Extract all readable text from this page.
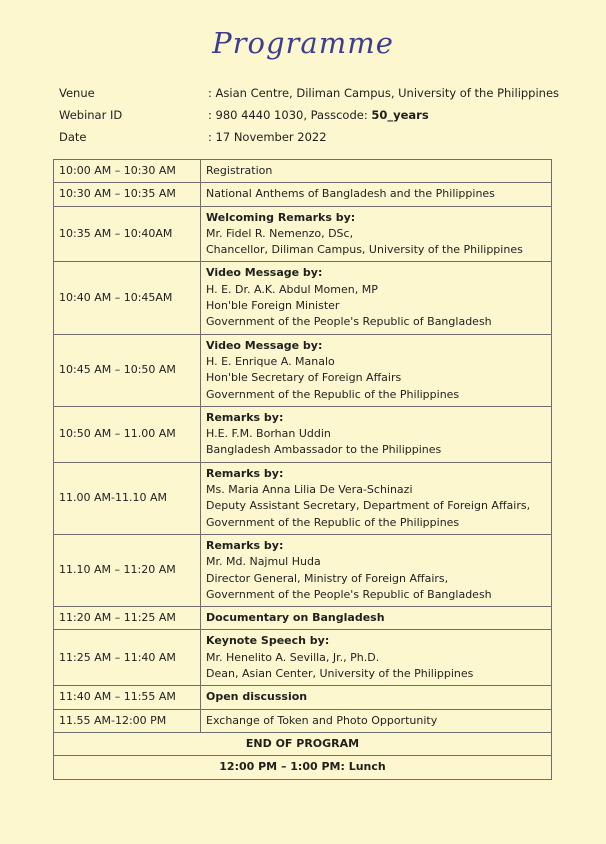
Programme
Venue	: Asian Centre, Diliman Campus, University of the Philippines
Webinar ID	: 980 4440 1030, Passcode: 50_years
Date	: 17 November 2022
10:00 AM – 10:30 AM	Registration

10:30 AM – 10:35 AM	National Anthems of Bangladesh and the Philippines

10:35 AM – 10:40AM	Welcoming Remarks by:
Mr. Fidel R. Nemenzo, DSc,
Chancellor, Diliman Campus, University of the Philippines

10:40 AM – 10:45AM	Video Message by:
H. E. Dr. A.K. Abdul Momen, MP
Hon'ble Foreign Minister
Government of the People's Republic of Bangladesh

10:45 AM – 10:50 AM	Video Message by:
H. E. Enrique A. Manalo
Hon'ble Secretary of Foreign Affairs
Government of the Republic of the Philippines

10:50 AM – 11.00 AM	Remarks by:
H.E. F.M. Borhan Uddin
Bangladesh Ambassador to the Philippines

11.00 AM-11.10 AM	Remarks by:
Ms. Maria Anna Lilia De Vera-Schinazi
Deputy Assistant Secretary, Department of Foreign Affairs,
Government of the Republic of the Philippines

11.10 AM – 11:20 AM	Remarks by:
Mr. Md. Najmul Huda
Director General, Ministry of Foreign Affairs,
Government of the People's Republic of Bangladesh

11:20 AM – 11:25 AM	Documentary on Bangladesh

11:25 AM – 11:40 AM	Keynote Speech by:
Mr. Henelito A. Sevilla, Jr., Ph.D.
Dean, Asian Center, University of the Philippines

11:40 AM – 11:55 AM	Open discussion

11.55 AM-12:00 PM	Exchange of Token and Photo Opportunity

END OF PROGRAM	
12:00 PM – 1:00 PM: Lunch	
